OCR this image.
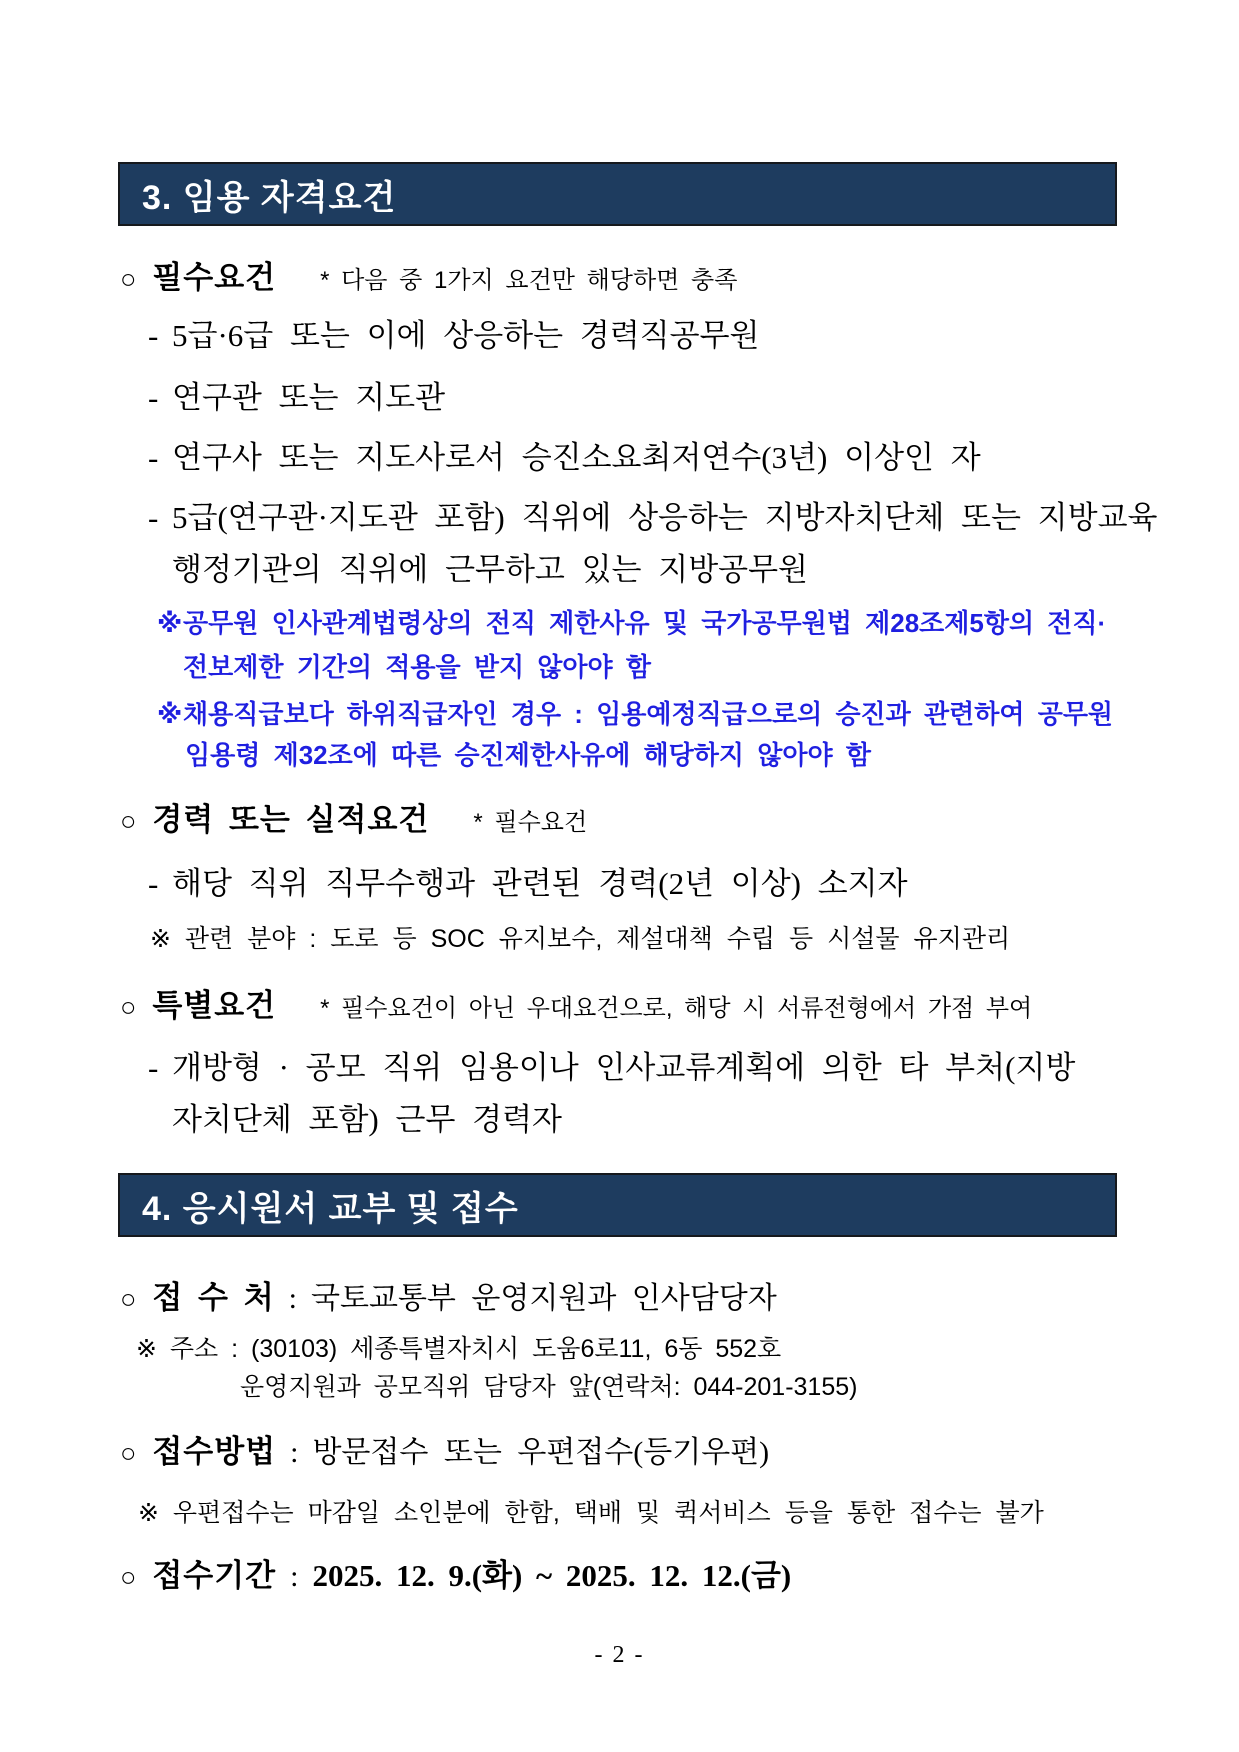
3. 임용 자격요건
○ 필수요건 * 다음 중 1가지 요건만 해당하면 충족
- 5급·6급 또는 이에 상응하는 경력직공무원
- 연구관 또는 지도관
- 연구사 또는 지도사로서 승진소요최저연수(3년) 이상인 자
- 5급(연구관·지도관 포함) 직위에 상응하는 지방자치단체 또는 지방교육
행정기관의 직위에 근무하고 있는 지방공무원
※ 공무원 인사관계법령상의 전직 제한사유 및 국가공무원법 제28조제5항의 전직·
전보제한 기간의 적용을 받지 않아야 함
※ 채용직급보다 하위직급자인 경우 : 임용예정직급으로의 승진과 관련하여 공무원
임용령 제32조에 따른 승진제한사유에 해당하지 않아야 함
○ 경력 또는 실적요건 * 필수요건
- 해당 직위 직무수행과 관련된 경력(2년 이상) 소지자
※ 관련 분야 : 도로 등 SOC 유지보수, 제설대책 수립 등 시설물 유지관리
○ 특별요건 * 필수요건이 아닌 우대요건으로, 해당 시 서류전형에서 가점 부여
- 개방형 · 공모 직위 임용이나 인사교류계획에 의한 타 부처(지방
자치단체 포함) 근무 경력자
4. 응시원서 교부 및 접수
○ 접 수 처 : 국토교통부 운영지원과 인사담당자
※ 주소 : (30103) 세종특별자치시 도움6로11, 6동 552호
운영지원과 공모직위 담당자 앞(연락처: 044-201-3155)
○ 접수방법 : 방문접수 또는 우편접수(등기우편)
※ 우편접수는 마감일 소인분에 한함, 택배 및 퀵서비스 등을 통한 접수는 불가
○ 접수기간 : 2025. 12. 9.(화) ~ 2025. 12. 12.(금)
- 2 -
